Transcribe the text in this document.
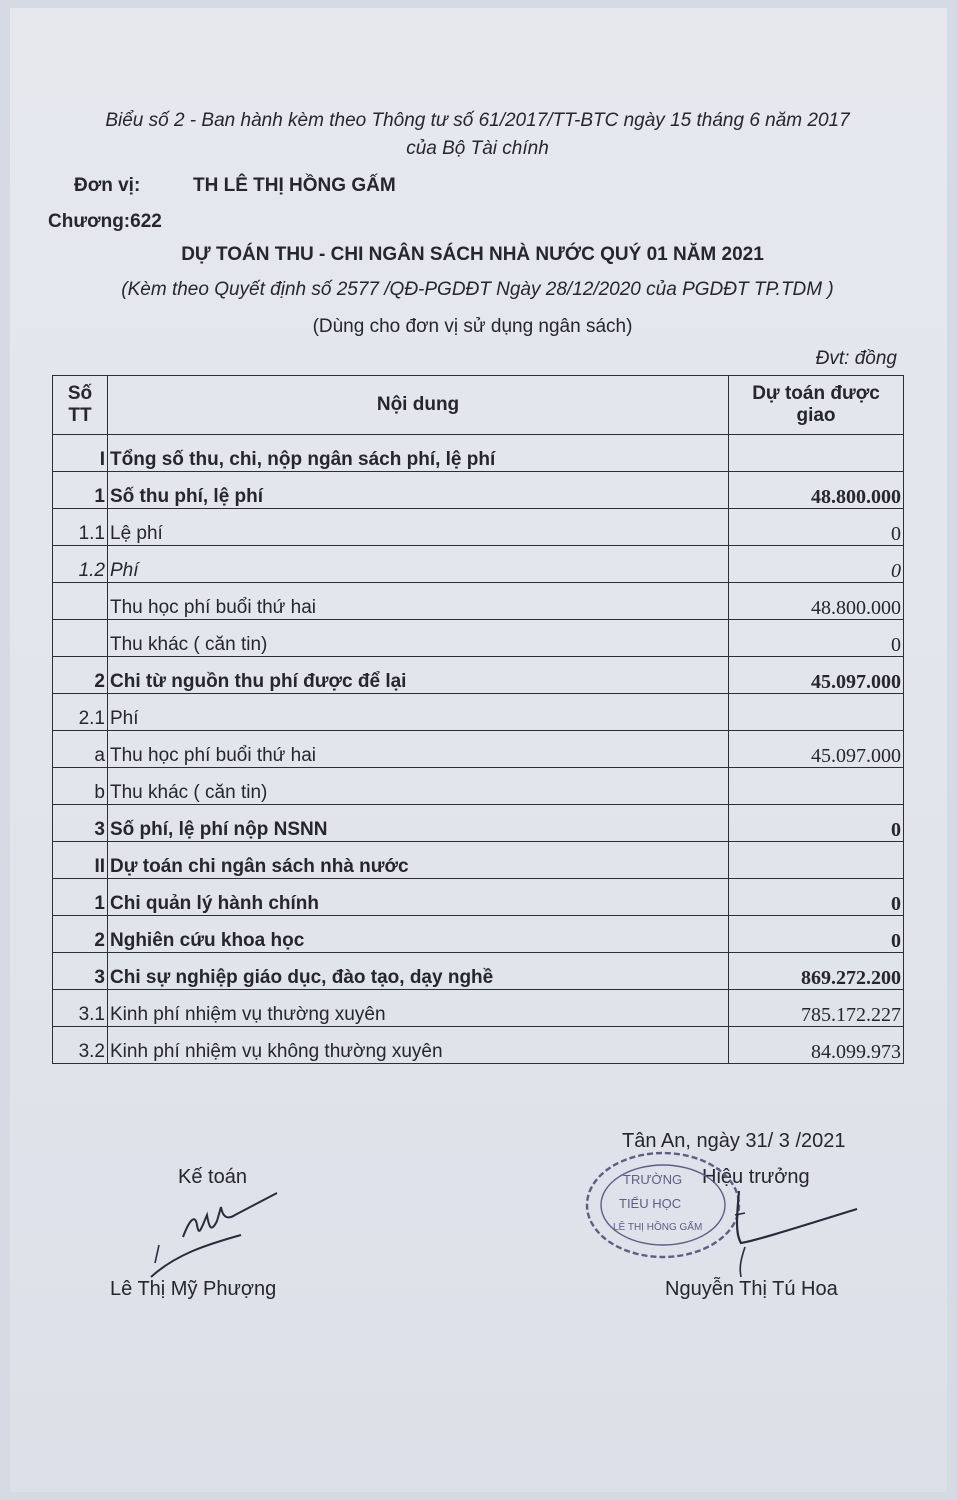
Biểu số 2 - Ban hành kèm theo Thông tư số 61/2017/TT-BTC ngày 15 tháng 6 năm 2017
của Bộ Tài chính
Đơn vị:	TH LÊ THỊ HỒNG GẤM
Chương:622
DỰ TOÁN THU - CHI NGÂN SÁCH NHÀ NƯỚC QUÝ 01 NĂM 2021
(Kèm theo Quyết định số 2577 /QĐ-PGDĐT Ngày 28/12/2020 của PGDĐT TP.TDM )
(Dùng cho đơn vị sử dụng ngân sách)
Đvt: đồng
Số TT	Nội dung	Dự toán được giao
I	Tổng số thu, chi, nộp ngân sách phí, lệ phí	
1	Số thu phí, lệ phí	48.800.000
1.1	Lệ phí	0
1.2	Phí	0
	Thu học phí buổi thứ hai	48.800.000
	Thu khác ( căn tin)	0
2	Chi từ nguồn thu phí được để lại	45.097.000
2.1	Phí	
a	Thu học phí buổi thứ hai	45.097.000
b	Thu khác ( căn tin)	
3	Số phí, lệ phí nộp NSNN	0
II	Dự toán chi ngân sách nhà nước	
1	Chi quản lý hành chính	0
2	Nghiên cứu khoa học	0
3	Chi sự nghiệp giáo dục, đào tạo, dạy nghề	869.272.200
3.1	Kinh phí nhiệm vụ thường xuyên	785.172.227
3.2	Kinh phí nhiệm vụ không thường xuyên	84.099.973
Tân An, ngày 31/ 3 /2021
Kế toán	Hiệu trưởng
Lê Thị Mỹ Phượng	Nguyễn Thị Tú Hoa
TRƯỜNG
TIỂU HỌC
LÊ THỊ HỒNG GẤM
